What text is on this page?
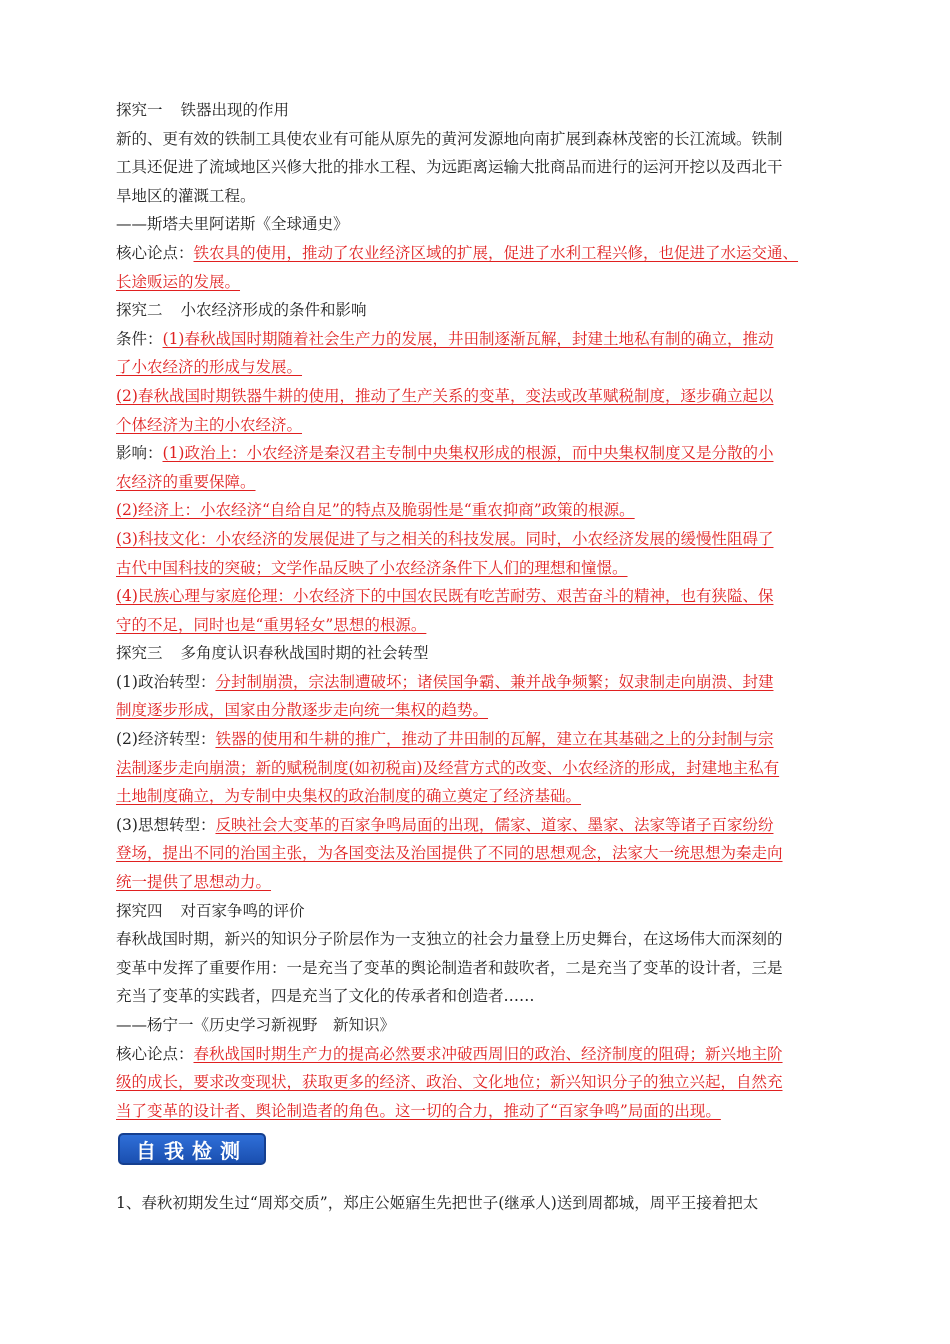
探究一 铁器出现的作用
新的、更有效的铁制工具使农业有可能从原先的黄河发源地向南扩展到森林茂密的长江流域。铁制
工具还促进了流域地区兴修大批的排水工程、为远距离运输大批商品而进行的运河开挖以及西北干
旱地区的灌溉工程。
——斯塔夫里阿诺斯《全球通史》
核心论点：铁农具的使用，推动了农业经济区域的扩展，促进了水利工程兴修，也促进了水运交通、
长途贩运的发展。
探究二 小农经济形成的条件和影响
条件：(1)春秋战国时期随着社会生产力的发展，井田制逐渐瓦解，封建土地私有制的确立，推动
了小农经济的形成与发展。
(2)春秋战国时期铁器牛耕的使用，推动了生产关系的变革，变法或改革赋税制度，逐步确立起以
个体经济为主的小农经济。
影响：(1)政治上：小农经济是秦汉君主专制中央集权形成的根源，而中央集权制度又是分散的小
农经济的重要保障。
(2)经济上：小农经济“自给自足”的特点及脆弱性是“重农抑商”政策的根源。
(3)科技文化：小农经济的发展促进了与之相关的科技发展。同时，小农经济发展的缓慢性阻碍了
古代中国科技的突破；文学作品反映了小农经济条件下人们的理想和憧憬。
(4)民族心理与家庭伦理：小农经济下的中国农民既有吃苦耐劳、艰苦奋斗的精神，也有狭隘、保
守的不足，同时也是“重男轻女”思想的根源。
探究三 多角度认识春秋战国时期的社会转型
(1)政治转型：分封制崩溃，宗法制遭破坏；诸侯国争霸、兼并战争频繁；奴隶制走向崩溃、封建
制度逐步形成，国家由分散逐步走向统一集权的趋势。
(2)经济转型：铁器的使用和牛耕的推广，推动了井田制的瓦解，建立在其基础之上的分封制与宗
法制逐步走向崩溃；新的赋税制度(如初税亩)及经营方式的改变、小农经济的形成，封建地主私有
土地制度确立，为专制中央集权的政治制度的确立奠定了经济基础。
(3)思想转型：反映社会大变革的百家争鸣局面的出现，儒家、道家、墨家、法家等诸子百家纷纷
登场，提出不同的治国主张，为各国变法及治国提供了不同的思想观念，法家大一统思想为秦走向
统一提供了思想动力。
探究四 对百家争鸣的评价
春秋战国时期，新兴的知识分子阶层作为一支独立的社会力量登上历史舞台，在这场伟大而深刻的
变革中发挥了重要作用：一是充当了变革的舆论制造者和鼓吹者，二是充当了变革的设计者，三是
充当了变革的实践者，四是充当了文化的传承者和创造者……
——杨宁一《历史学习新视野　新知识》
核心论点：春秋战国时期生产力的提高必然要求冲破西周旧的政治、经济制度的阻碍；新兴地主阶
级的成长，要求改变现状，获取更多的经济、政治、文化地位；新兴知识分子的独立兴起，自然充
当了变革的设计者、舆论制造者的角色。这一切的合力，推动了“百家争鸣”局面的出现。
自我检测
1、春秋初期发生过“周郑交质”，郑庄公姬寤生先把世子(继承人)送到周都城，周平王接着把太
